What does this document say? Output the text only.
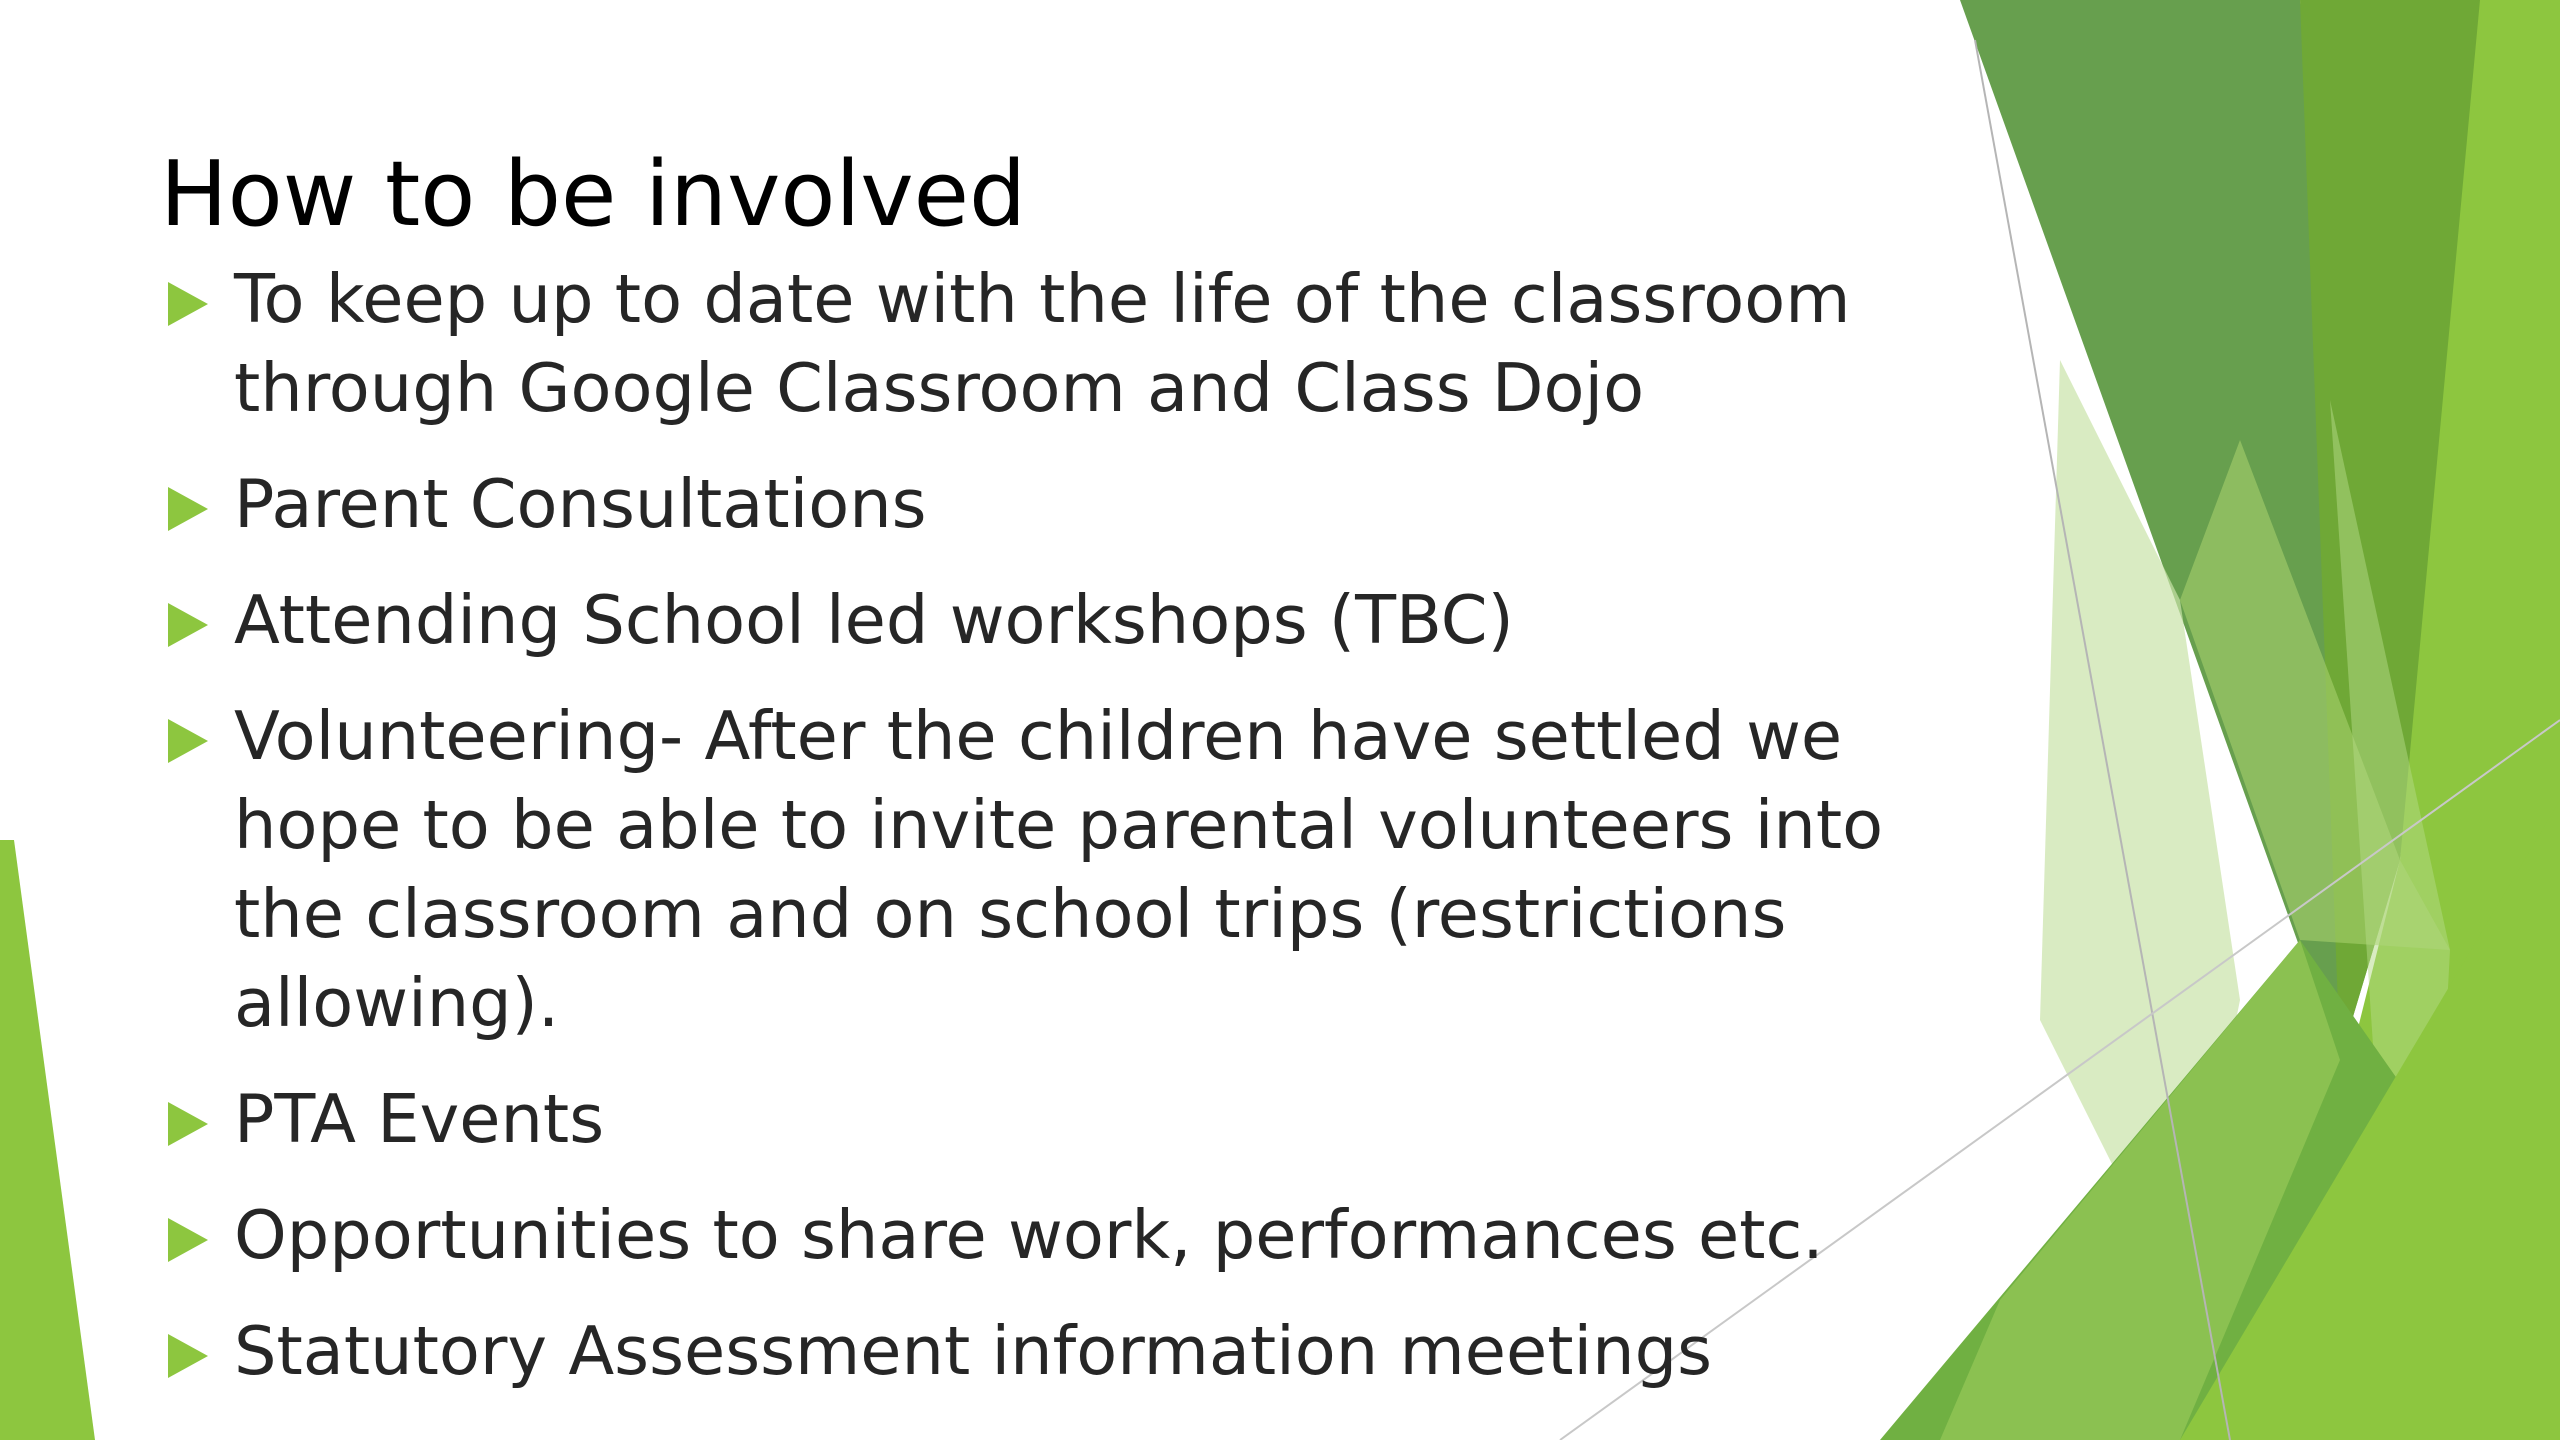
How to be involved
To keep up to date with the life of the classroom through Google Classroom and Class Dojo
Parent Consultations
Attending School led workshops (TBC)
Volunteering- After the children have settled we hope to be able to invite parental volunteers into the classroom and on school trips (restrictions allowing).
PTA Events
Opportunities to share work, performances etc.
Statutory Assessment information meetings
